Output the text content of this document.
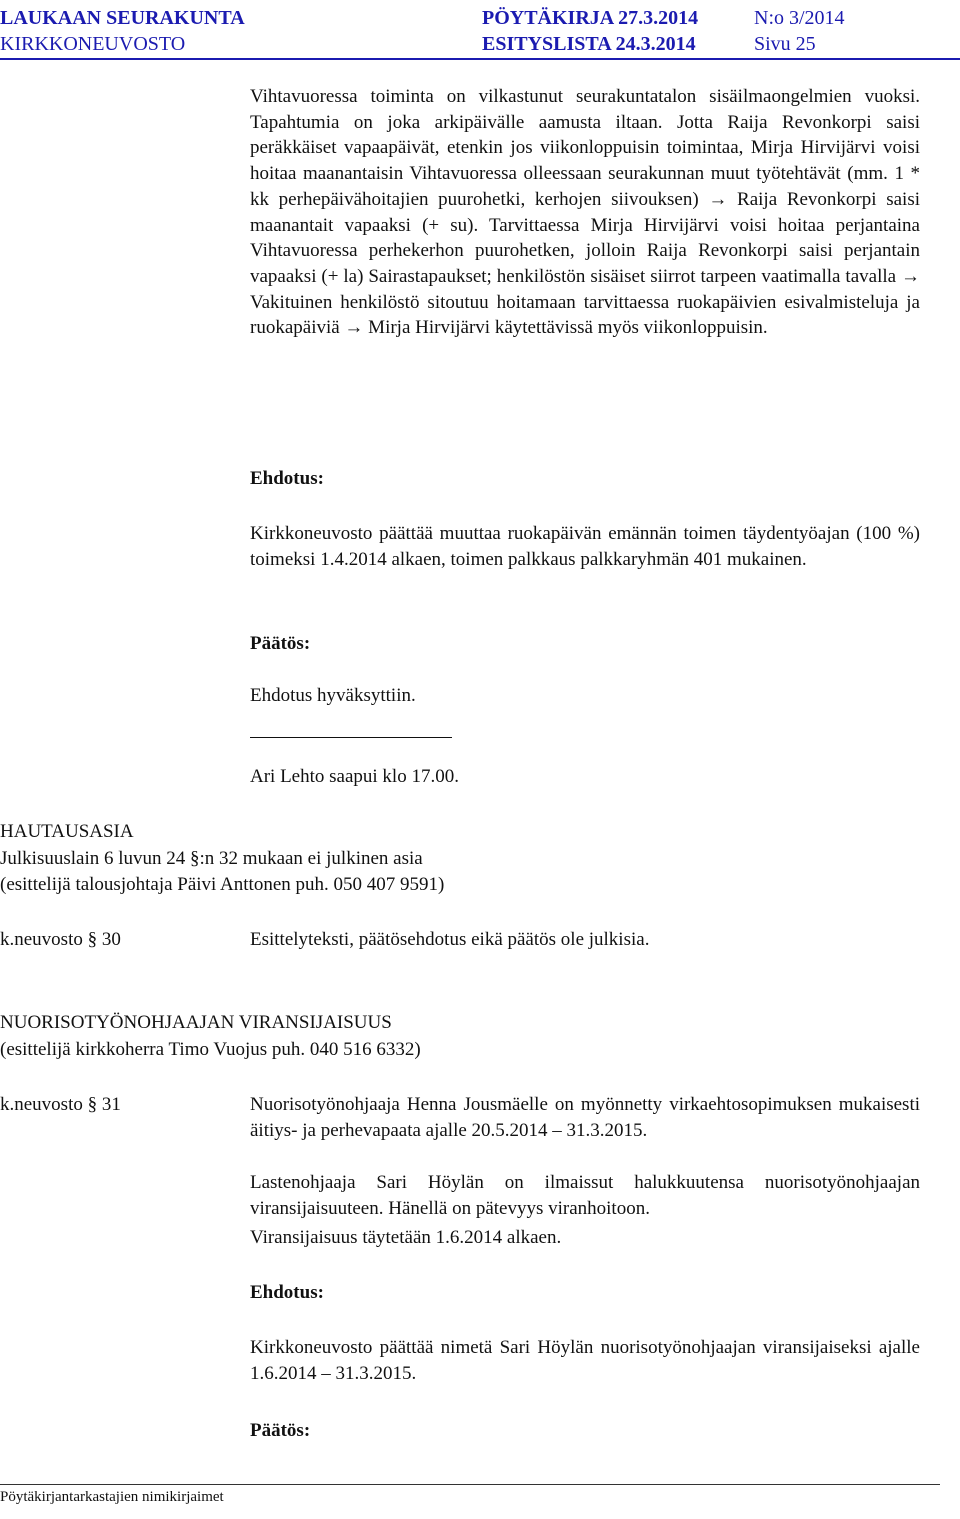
LAUKAAN SEURAKUNTA
KIRKKONEUVOSTO
PÖYTÄKIRJA 27.3.2014
ESITYSLISTA 24.3.2014
N:o 3/2014
Sivu 25

Vihtavuoressa toiminta on vilkastunut seurakuntatalon sisäilmaongelmien vuoksi. Tapahtumia on joka arkipäivälle aamusta iltaan. Jotta Raija Revonkorpi saisi peräkkäiset vapaapäivät, etenkin jos viikonloppuisin toimintaa, Mirja Hirvijärvi voisi hoitaa maanantaisin Vihtavuoressa olleessaan seurakunnan muut työtehtävät (mm. 1 * kk perhepäivähoitajien puurohetki, kerhojen siivouksen) → Raija Revonkorpi saisi maanantait vapaaksi (+ su). Tarvittaessa Mirja Hirvijärvi voisi hoitaa perjantaina Vihtavuoressa perhekerhon puurohetken, jolloin Raija Revonkorpi saisi perjantain vapaaksi (+ la) Sairastapaukset; henkilöstön sisäiset siirrot tarpeen vaatimalla tavalla → Vakituinen henkilöstö sitoutuu hoitamaan tarvittaessa ruokapäivien esivalmisteluja ja ruokapäiviä → Mirja Hirvijärvi käytettävissä myös viikonloppuisin.

Ehdotus:

Kirkkoneuvosto päättää muuttaa ruokapäivän emännän toimen täydentyöajan (100 %) toimeksi 1.4.2014 alkaen, toimen palkkaus palkkaryhmän 401 mukainen.

Päätös:
Ehdotus hyväksyttiin.
Ari Lehto saapui klo 17.00.
HAUTAUSASIA
Julkisuuslain 6 luvun 24 §:n 32 mukaan ei julkinen asia
(esittelijä talousjohtaja Päivi Anttonen puh. 050 407 9591)
k.neuvosto § 30	Esittelyteksti, päätösehdotus eikä päätös ole julkisia.
NUORISOTYÖNOHJAAJAN VIRANSIJAISUUS
(esittelijä kirkkoherra Timo Vuojus puh. 040 516 6332)
k.neuvosto § 31	Nuorisotyönohjaaja Henna Jousmäelle on myönnetty virkaehtosopimuksen mukaisesti äitiys- ja perhevapaata ajalle 20.5.2014 – 31.3.2015.

Lastenohjaaja Sari Höylän on ilmaissut halukkuutensa nuorisotyönohjaajan viransijaisuuteen. Hänellä on pätevyys viranhoitoon.

Viransijaisuus täytetään 1.6.2014 alkaen.
Ehdotus:

Kirkkoneuvosto päättää nimetä Sari Höylän nuorisotyönohjaajan viransijaiseksi ajalle 1.6.2014 – 31.3.2015.

Päätös:
Pöytäkirjantarkastajien nimikirjaimet
